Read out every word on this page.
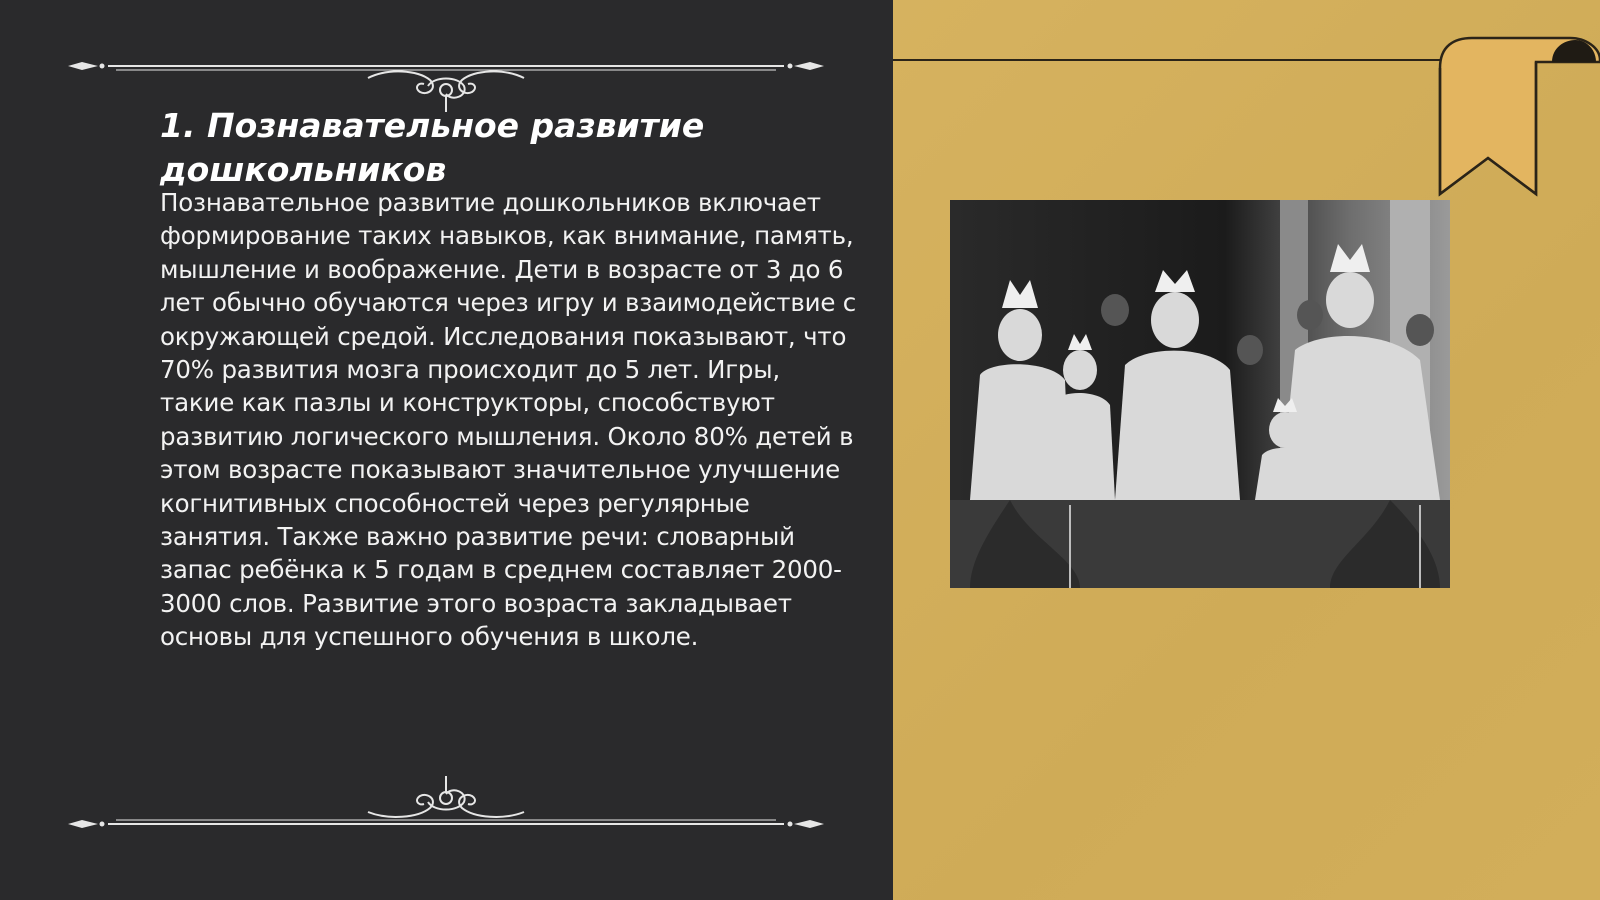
1. Познавательное развитие дошкольников

Познавательное развитие дошкольников включает формирование таких навыков, как внимание, память, мышление и воображение. Дети в возрасте от 3 до 6 лет обычно обучаются через игру и взаимодействие с окружающей средой. Исследования показывают, что 70% развития мозга происходит до 5 лет. Игры, такие как пазлы и конструкторы, способствуют развитию логического мышления. Около 80% детей в этом возрасте показывают значительное улучшение когнитивных способностей через регулярные занятия. Также важно развитие речи: словарный запас ребёнка к 5 годам в среднем составляет 2000-3000 слов. Развитие этого возраста закладывает основы для успешного обучения в школе.
